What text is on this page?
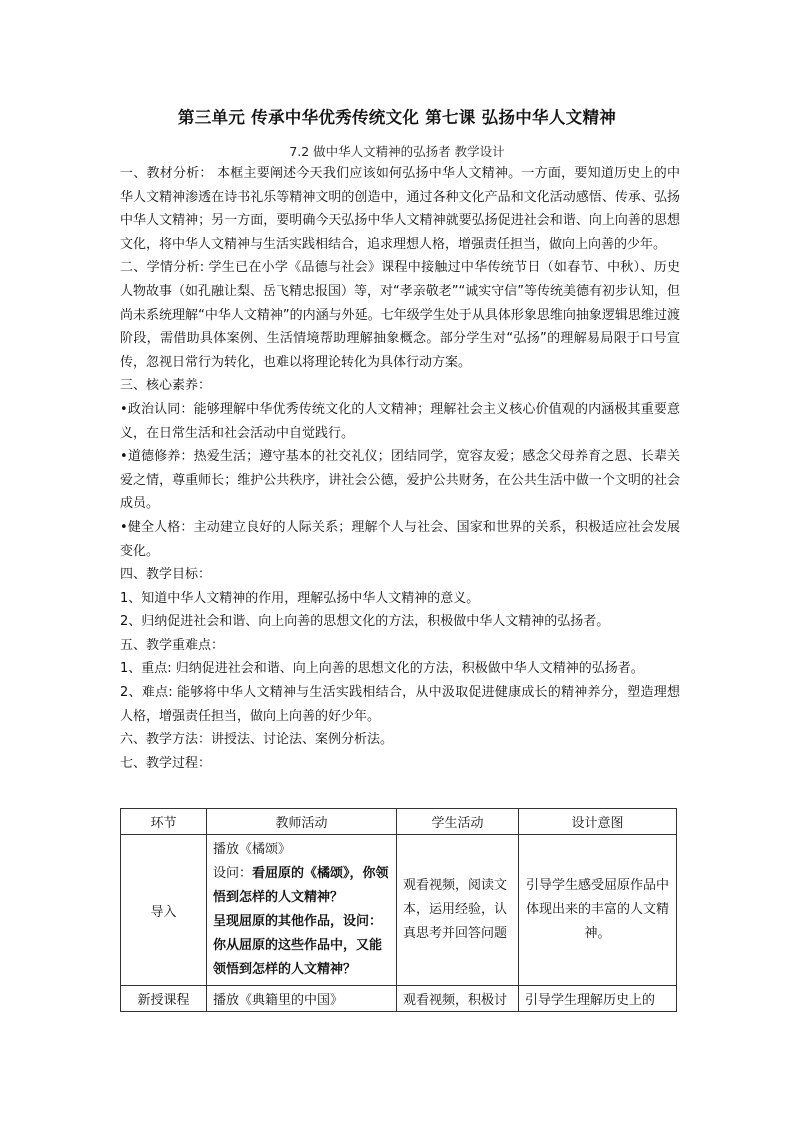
第三单元 传承中华优秀传统文化 第七课 弘扬中华人文精神
7.2 做中华人文精神的弘扬者 教学设计

一、教材分析： 本框主要阐述今天我们应该如何弘扬中华人文精神。一方面，要知道历史上的中华人文精神渗透在诗书礼乐等精神文明的创造中，通过各种文化产品和文化活动感悟、传承、弘扬中华人文精神；另一方面，要明确今天弘扬中华人文精神就要弘扬促进社会和谐、向上向善的思想文化，将中华人文精神与生活实践相结合，追求理想人格，增强责任担当，做向上向善的少年。

二、学情分析: 学生已在小学《品德与社会》课程中接触过中华传统节日（如春节、中秋）、历史人物故事（如孔融让梨、岳飞精忠报国）等，对“孝亲敬老”“诚实守信”等传统美德有初步认知，但尚未系统理解“中华人文精神”的内涵与外延。七年级学生处于从具体形象思维向抽象逻辑思维过渡阶段，需借助具体案例、生活情境帮助理解抽象概念。部分学生对“弘扬”的理解易局限于口号宣传，忽视日常行为转化，也难以将理论转化为具体行动方案。

三、核心素养：

•政治认同：能够理解中华优秀传统文化的人文精神；理解社会主义核心价值观的内涵极其重要意义，在日常生活和社会活动中自觉践行。

•道德修养：热爱生活；遵守基本的社交礼仪；团结同学，宽容友爱；感念父母养育之恩、长辈关爱之情，尊重师长；维护公共秩序，讲社会公德，爱护公共财务，在公共生活中做一个文明的社会成员。

•健全人格：主动建立良好的人际关系；理解个人与社会、国家和世界的关系，积极适应社会发展变化。

四、教学目标：

1、知道中华人文精神的作用，理解弘扬中华人文精神的意义。

2、归纳促进社会和谐、向上向善的思想文化的方法，积极做中华人文精神的弘扬者。

五、教学重难点：

1、重点: 归纳促进社会和谐、向上向善的思想文化的方法，积极做中华人文精神的弘扬者。

2、难点: 能够将中华人文精神与生活实践相结合，从中汲取促进健康成长的精神养分，塑造理想人格，增强责任担当，做向上向善的好少年。

六、教学方法：讲授法、讨论法、案例分析法。

七、教学过程：

环节	教师活动	学生活动	设计意图
导入	播放《橘颂》

设问：看屈原的《橘颂》，你领悟到怎样的人文精神？

呈现屈原的其他作品，设问：你从屈原的这些作品中，又能领悟到怎样的人文精神？	观看视频，阅读文本，运用经验，认真思考并回答问题	引导学生感受屈原作品中体现出来的丰富的人文精神。
新授课程	播放《典籍里的中国》	观看视频，积极讨	引导学生理解历史上的
